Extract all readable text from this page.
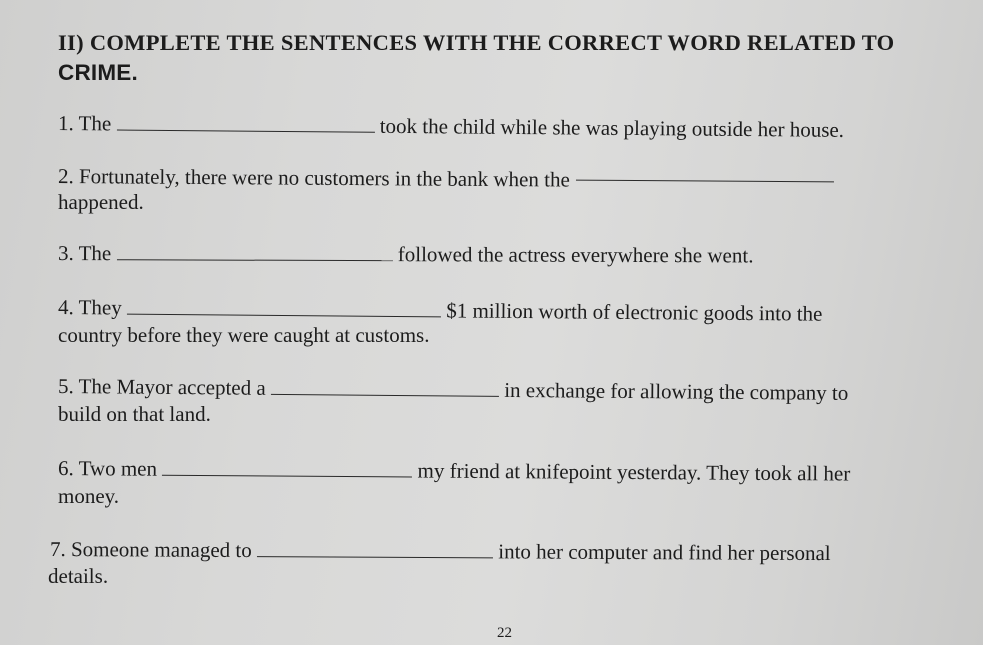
II) COMPLETE THE SENTENCES WITH THE CORRECT WORD RELATED TO
CRIME.
1. The	took the child while she was playing outside her house.
2. Fortunately, there were no customers in the bank when the
happened.
3. The	followed the actress everywhere she went.
4. They	$1 million worth of electronic goods into the
country before they were caught at customs.
5. The Mayor accepted a	in exchange for allowing the company to
build on that land.
6. Two men	my friend at knifepoint yesterday. They took all her
money.
7. Someone managed to	into her computer and find her personal
details.
22
